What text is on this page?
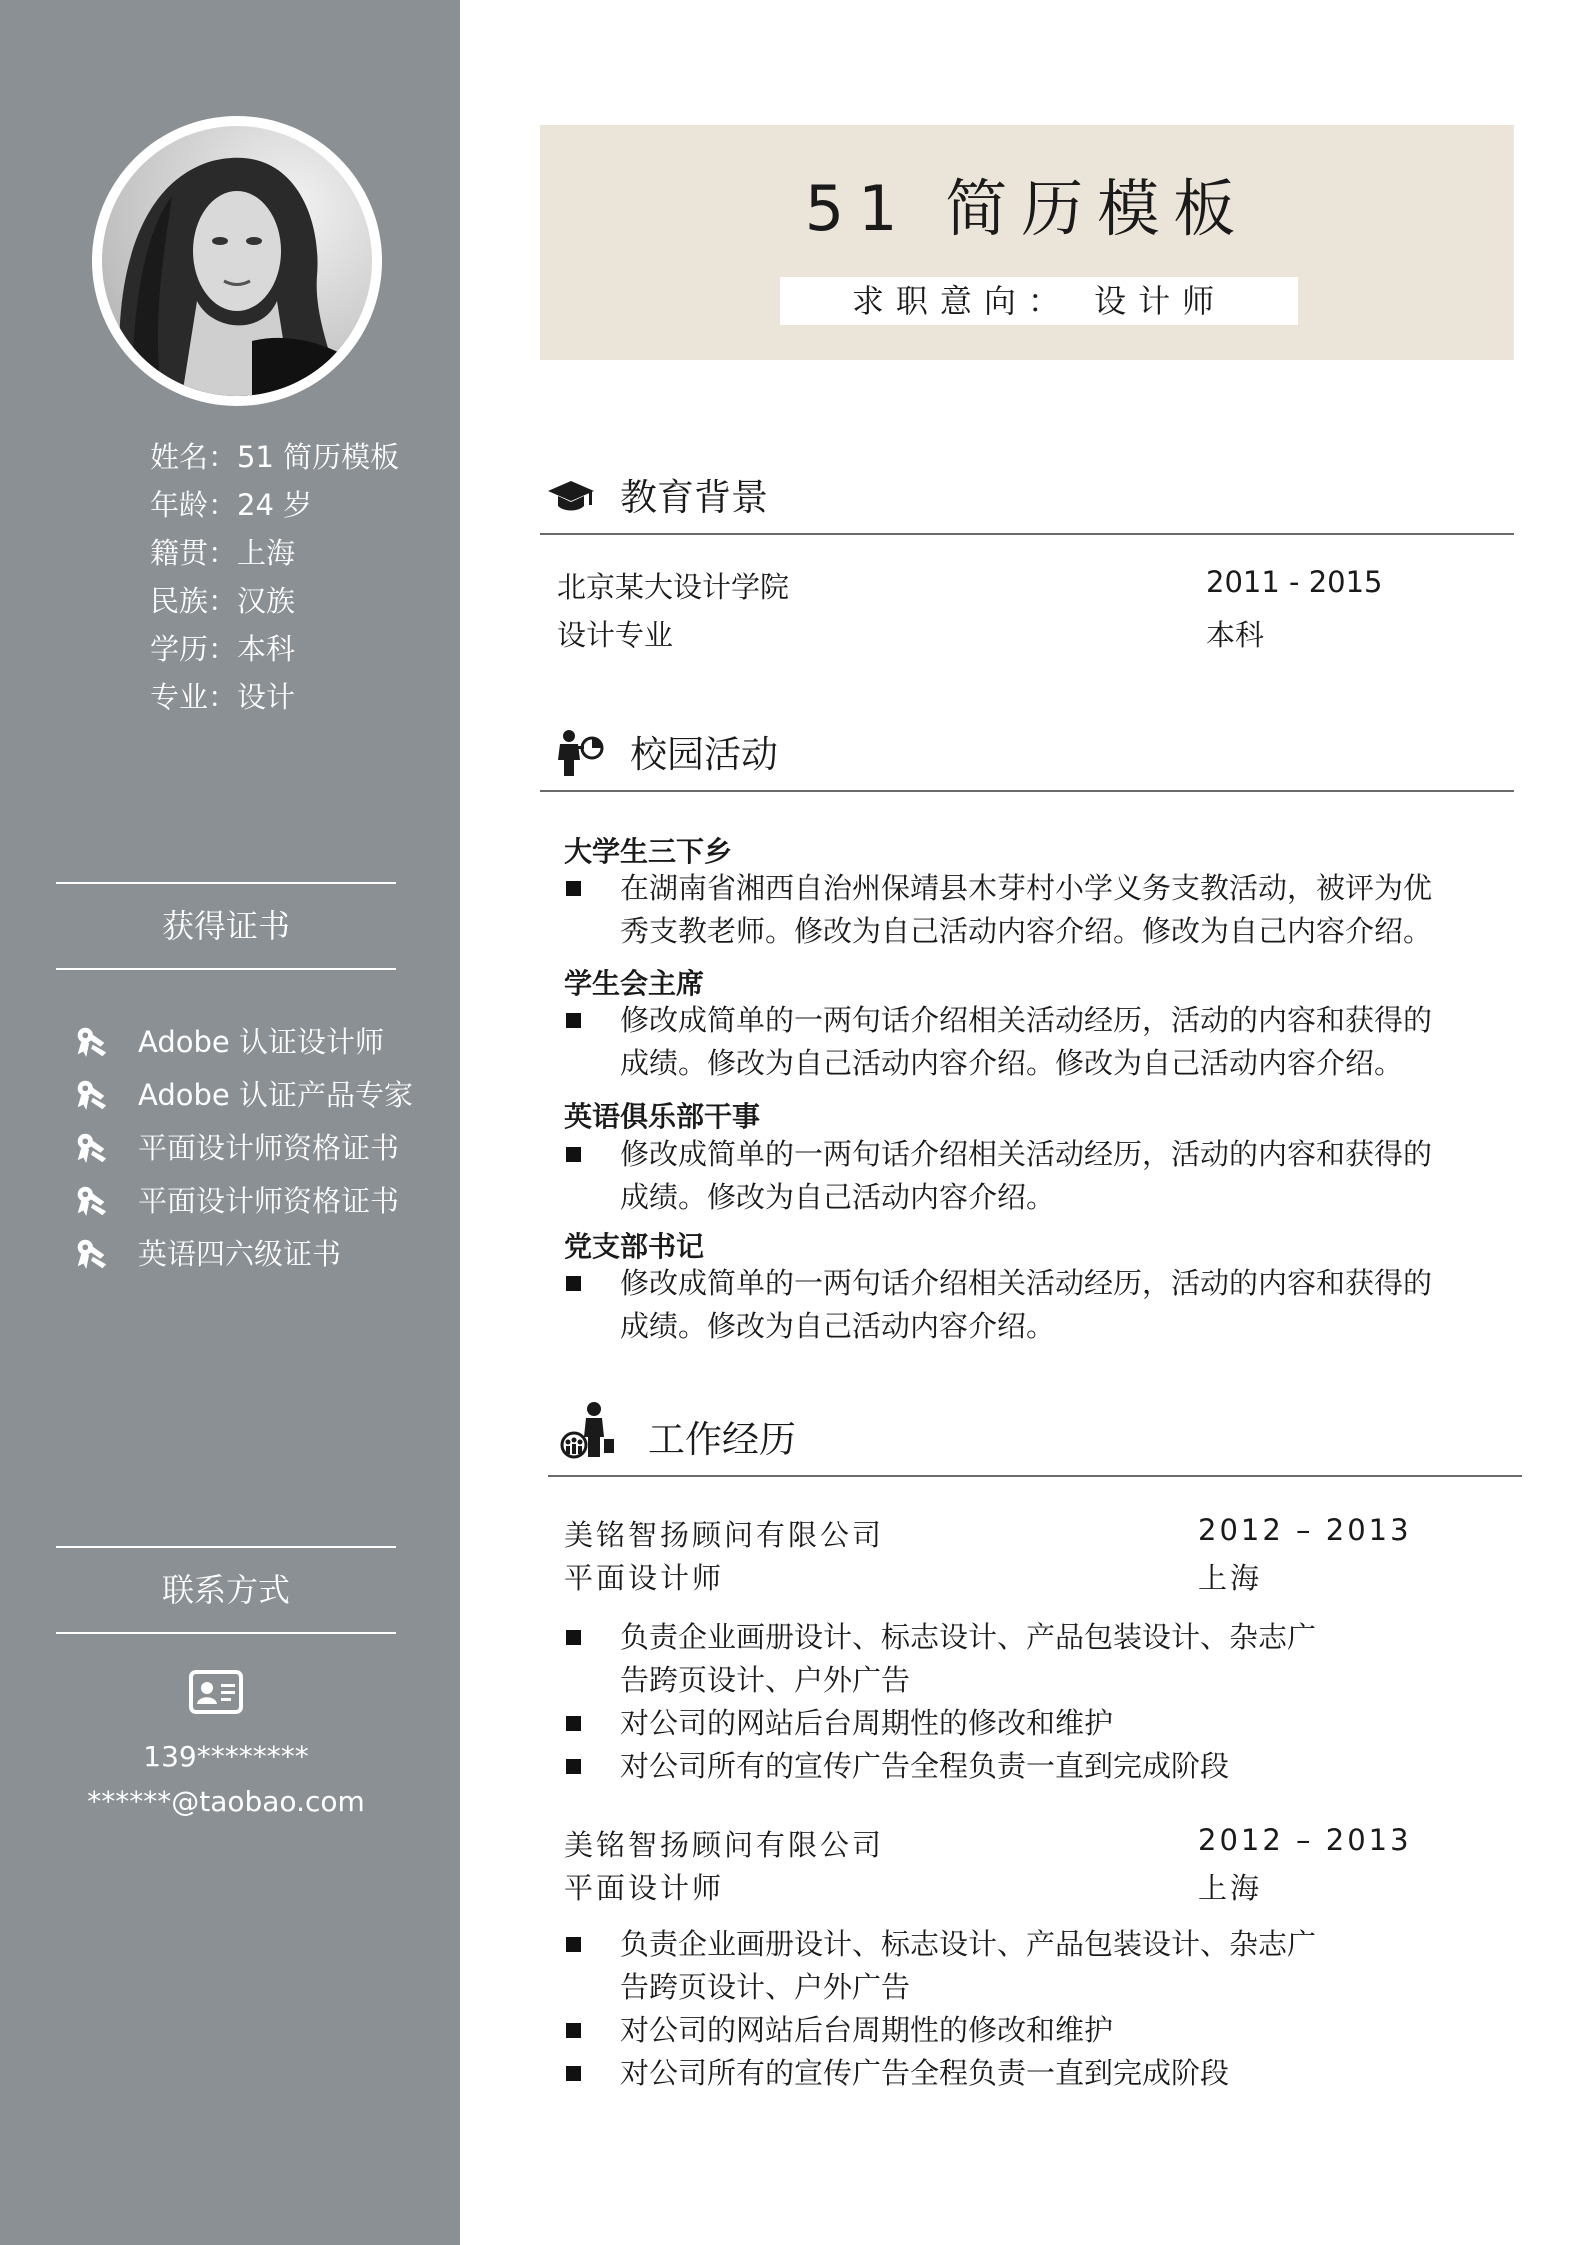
姓名：51 简历模板
年龄：24 岁
籍贯：上海
民族：汉族
学历：本科
专业：设计
获得证书
Adobe 认证设计师
Adobe 认证产品专家
平面设计师资格证书
平面设计师资格证书
英语四六级证书
联系方式
139********
******@taobao.com
51 简历模板
求职意向： 设计师
教育背景
北京某大设计学院	2011 - 2015
设计专业	本科
校园活动
大学生三下乡
在湖南省湘西自治州保靖县木芽村小学义务支教活动，被评为优
秀支教老师。修改为自己活动内容介绍。修改为自己内容介绍。
学生会主席
修改成简单的一两句话介绍相关活动经历，活动的内容和获得的
成绩。修改为自己活动内容介绍。修改为自己活动内容介绍。
英语俱乐部干事
修改成简单的一两句话介绍相关活动经历，活动的内容和获得的
成绩。修改为自己活动内容介绍。
党支部书记
修改成简单的一两句话介绍相关活动经历，活动的内容和获得的
成绩。修改为自己活动内容介绍。
工作经历
美铭智扬顾问有限公司	2012 – 2013
平面设计师	上海
负责企业画册设计、标志设计、产品包装设计、杂志广
告跨页设计、户外广告
对公司的网站后台周期性的修改和维护
对公司所有的宣传广告全程负责一直到完成阶段
美铭智扬顾问有限公司	2012 – 2013
平面设计师	上海
负责企业画册设计、标志设计、产品包装设计、杂志广
告跨页设计、户外广告
对公司的网站后台周期性的修改和维护
对公司所有的宣传广告全程负责一直到完成阶段
